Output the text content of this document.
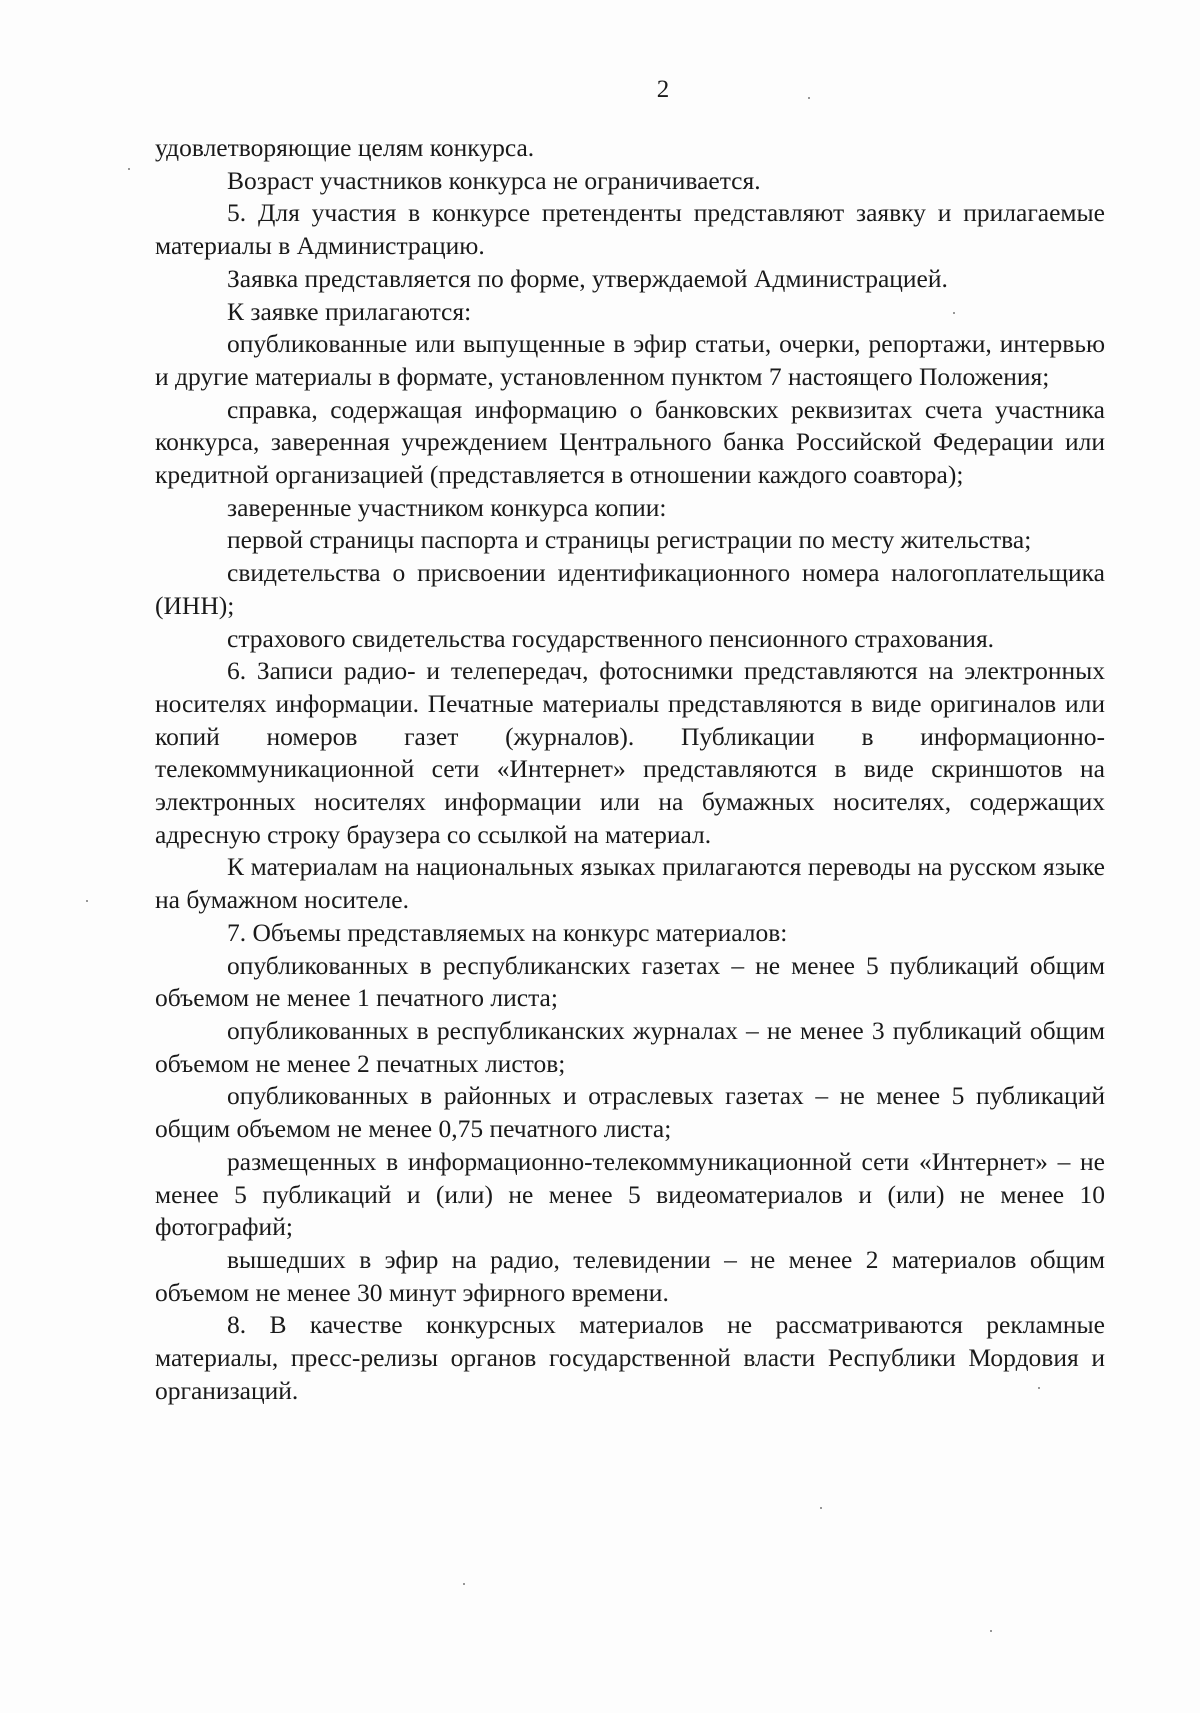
2

удовлетворяющие целям конкурса.

Возраст участников конкурса не ограничивается.

5. Для участия в конкурсе претенденты представляют заявку и прилагаемые материалы в Администрацию.

Заявка представляется по форме, утверждаемой Администрацией.

К заявке прилагаются:

опубликованные или выпущенные в эфир статьи, очерки, репортажи, интервью и другие материалы в формате, установленном пунктом 7 настоящего Положения;

справка, содержащая информацию о банковских реквизитах счета участника конкурса, заверенная учреждением Центрального банка Российской Федерации или кредитной организацией (представляется в отношении каждого соавтора);

заверенные участником конкурса копии:

первой страницы паспорта и страницы регистрации по месту жительства;

свидетельства о присвоении идентификационного номера налогоплательщика (ИНН);

страхового свидетельства государственного пенсионного страхования.

6. Записи радио- и телепередач, фотоснимки представляются на электронных носителях информации. Печатные материалы представляются в виде оригиналов или копий номеров газет (журналов). Публикации в информационно-телекоммуникационной сети «Интернет» представляются в виде скриншотов на электронных носителях информации или на бумажных носителях, содержащих адресную строку браузера со ссылкой на материал.

К материалам на национальных языках прилагаются переводы на русском языке на бумажном носителе.

7. Объемы представляемых на конкурс материалов:

опубликованных в республиканских газетах – не менее 5 публикаций общим объемом не менее 1 печатного листа;

опубликованных в республиканских журналах – не менее 3 публикаций общим объемом не менее 2 печатных листов;

опубликованных в районных и отраслевых газетах – не менее 5 публикаций общим объемом не менее 0,75 печатного листа;

размещенных в информационно-телекоммуникационной сети «Интернет» – не менее 5 публикаций и (или) не менее 5 видеоматериалов и (или) не менее 10 фотографий;

вышедших в эфир на радио, телевидении – не менее 2 материалов общим объемом не менее 30 минут эфирного времени.

8. В качестве конкурсных материалов не рассматриваются рекламные материалы, пресс-релизы органов государственной власти Республики Мордовия и организаций.
